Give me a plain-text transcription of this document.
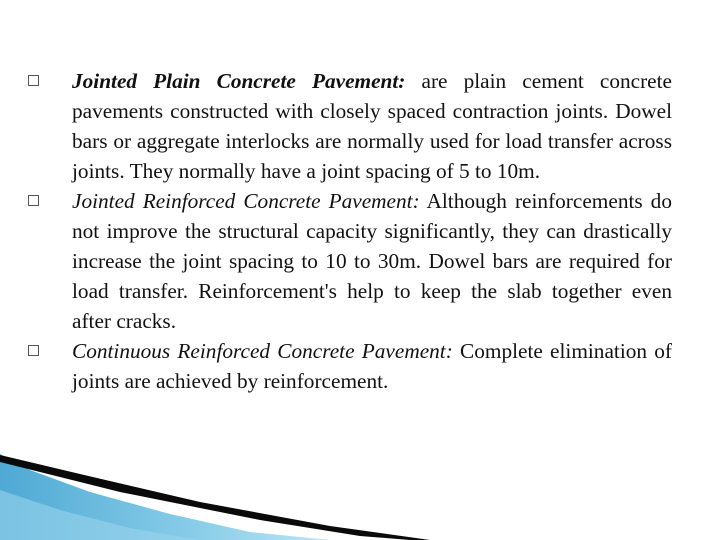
Jointed Plain Concrete Pavement: are plain cement concrete pavements constructed with closely spaced contraction joints. Dowel bars or aggregate interlocks are normally used for load transfer across joints. They normally have a joint spacing of 5 to 10m.

Jointed Reinforced Concrete Pavement: Although reinforcements do not improve the structural capacity significantly, they can drastically increase the joint spacing to 10 to 30m. Dowel bars are required for load transfer. Reinforcement's help to keep the slab together even after cracks.

Continuous Reinforced Concrete Pavement: Complete elimination of joints are achieved by reinforcement.
